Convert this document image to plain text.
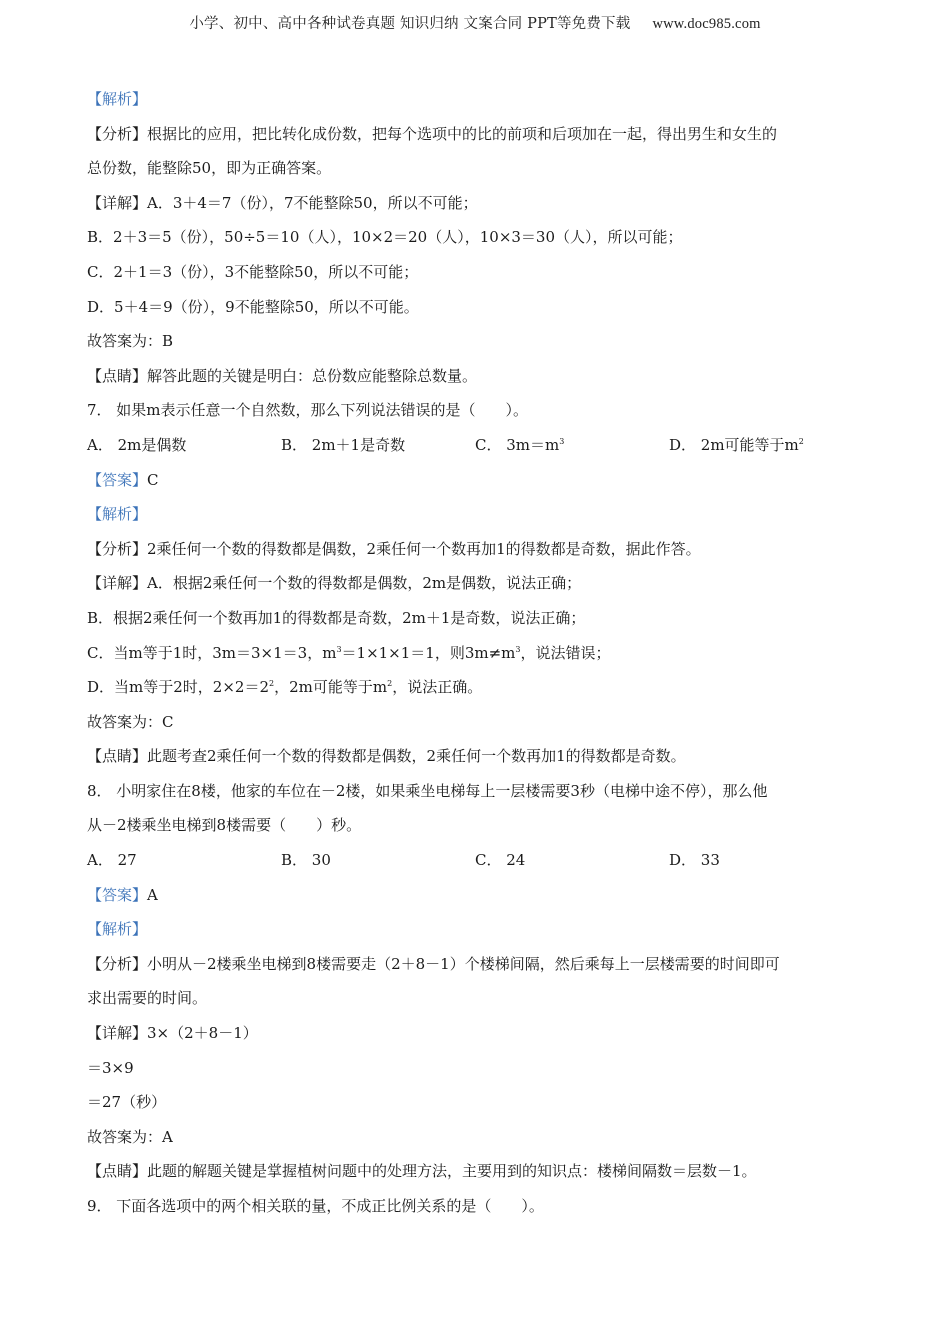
小学、初中、高中各种试卷真题 知识归纳 文案合同 PPT等免费下载 www.doc985.com
【解析】
【分析】根据比的应用，把比转化成份数，把每个选项中的比的前项和后项加在一起，得出男生和女生的
总份数，能整除50，即为正确答案。
【详解】A．3＋4＝7（份），7不能整除50，所以不可能；
B．2＋3＝5（份），50÷5＝10（人），10×2＝20（人），10×3＝30（人），所以可能；
C．2＋1＝3（份），3不能整除50，所以不可能；
D．5＋4＝9（份），9不能整除50，所以不可能。
故答案为：B
【点睛】解答此题的关键是明白：总份数应能整除总数量。
7． 如果m表示任意一个自然数，那么下列说法错误的是（　　）。
A． 2m是偶数	B． 2m＋1是奇数	C． $3m=m^3$	D． 2m可能等于$m^2$
【答案】C
【解析】
【分析】2乘任何一个数的得数都是偶数，2乘任何一个数再加1的得数都是奇数，据此作答。
【详解】A．根据2乘任何一个数的得数都是偶数，2m是偶数，说法正确；
B．根据2乘任何一个数再加1的得数都是奇数，2m＋1是奇数，说法正确；
C．当m等于1时，3m＝3×1＝3，$m^3=1\times 1\times 1=1$，则$3m\ne m^3$，说法错误；
D．当m等于2时，$2\times 2=2^2$，2m可能等于$m^2$，说法正确。
故答案为：C
【点睛】此题考查2乘任何一个数的得数都是偶数，2乘任何一个数再加1的得数都是奇数。
8． 小明家住在8楼，他家的车位在－2楼，如果乘坐电梯每上一层楼需要3秒（电梯中途不停），那么他
从－2楼乘坐电梯到8楼需要（　　）秒。
A． 27	B． 30	C． 24	D． 33
【答案】A
【解析】
【分析】小明从－2楼乘坐电梯到8楼需要走（2＋8－1）个楼梯间隔，然后乘每上一层楼需要的时间即可
求出需要的时间。
【详解】3×（2＋8－1）
＝3×9
＝27（秒）
故答案为：A
【点睛】此题的解题关键是掌握植树问题中的处理方法，主要用到的知识点：楼梯间隔数＝层数－1。
9． 下面各选项中的两个相关联的量，不成正比例关系的是（　　）。
